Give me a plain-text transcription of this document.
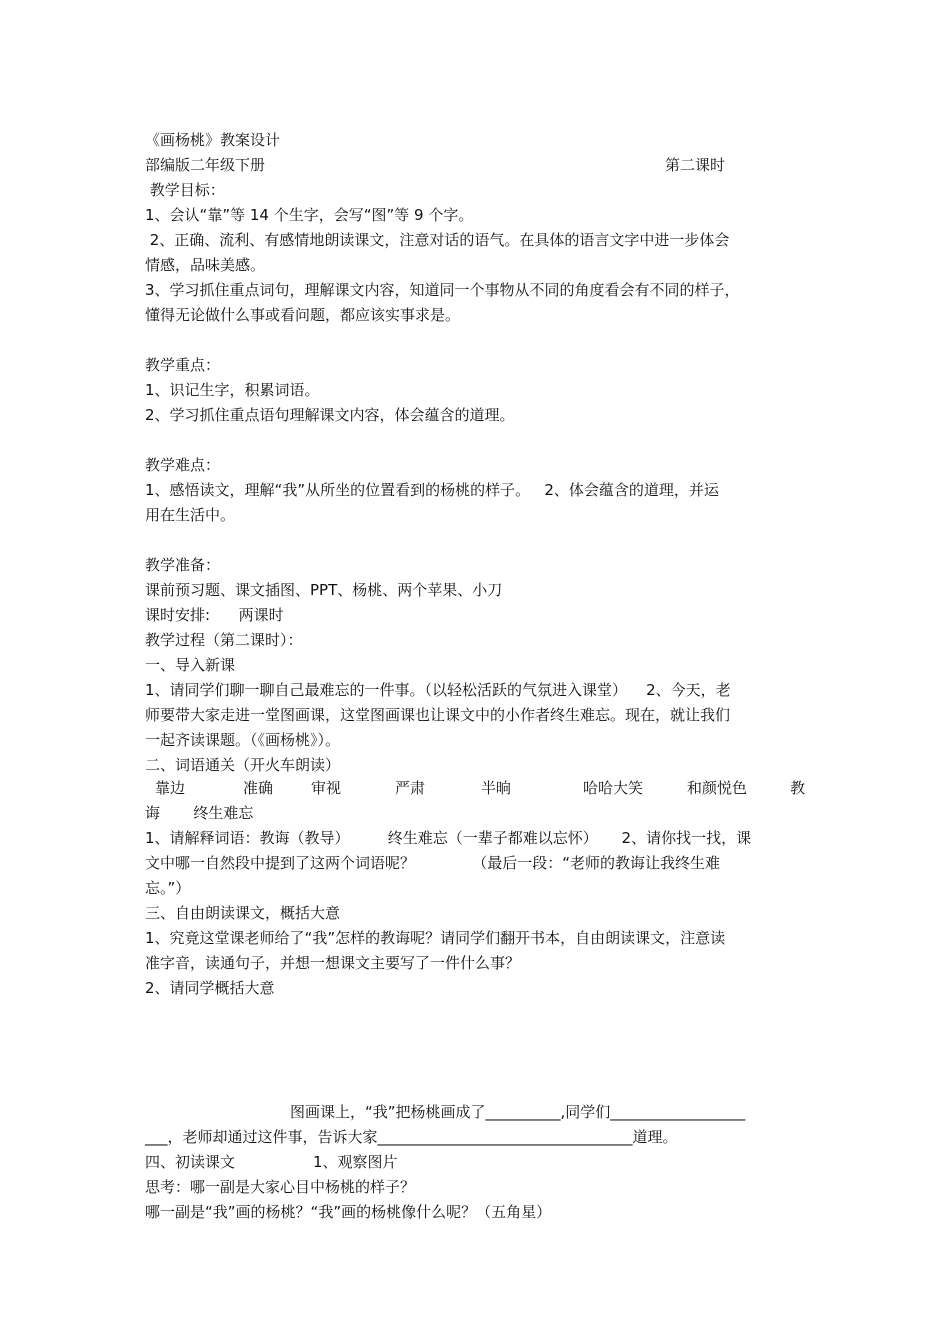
《画杨桃》教案设计
部编版二年级下册	第二课时
教学目标：
1、会认“靠”等 14 个生字，会写“图”等 9 个字。
2、正确、流利、有感情地朗读课文，注意对话的语气。在具体的语言文字中进一步体会
情感，品味美感。
3、学习抓住重点词句，理解课文内容，知道同一个事物从不同的角度看会有不同的样子，
懂得无论做什么事或看问题，都应该实事求是。
教学重点：
1、识记生字，积累词语。
2、学习抓住重点语句理解课文内容，体会蕴含的道理。
教学难点：
1、感悟读文，理解“我”从所坐的位置看到的杨桃的样子。   2、体会蕴含的道理，并运
用在生活中。
教学准备：
课前预习题、课文插图、PPT、杨桃、两个苹果、小刀
课时安排:      两课时
教学过程（第二课时）：
一、导入新课
1、请同学们聊一聊自己最难忘的一件事。（以轻松活跃的气氛进入课堂）    2、今天，老
师要带大家走进一堂图画课，这堂图画课也让课文中的小作者终生难忘。现在，就让我们
一起齐读课题。（《画杨桃》）。
二、词语通关（开火车朗读）
靠边	准确	审视	严肃	半晌	哈哈大笑	和颜悦色	教
诲       终生难忘
1、请解释词语：教诲（教导）        终生难忘（一辈子都难以忘怀）     2、请你找一找，课
文中哪一自然段中提到了这两个词语呢？            （最后一段：“老师的教诲让我终生难
忘。”）
三、自由朗读课文，概括大意
1、究竟这堂课老师给了“我”怎样的教诲呢？请同学们翻开书本，自由朗读课文，注意读
准字音，读通句子，并想一想课文主要写了一件什么事？
2、请同学概括大意
图画课上，“我”把杨桃画成了__________,同学们__________________
___，老师却通过这件事，告诉大家__________________________________道理。
四、初读课文	1、观察图片
思考：哪一副是大家心目中杨桃的样子？
哪一副是“我”画的杨桃？“我”画的杨桃像什么呢？（五角星）
